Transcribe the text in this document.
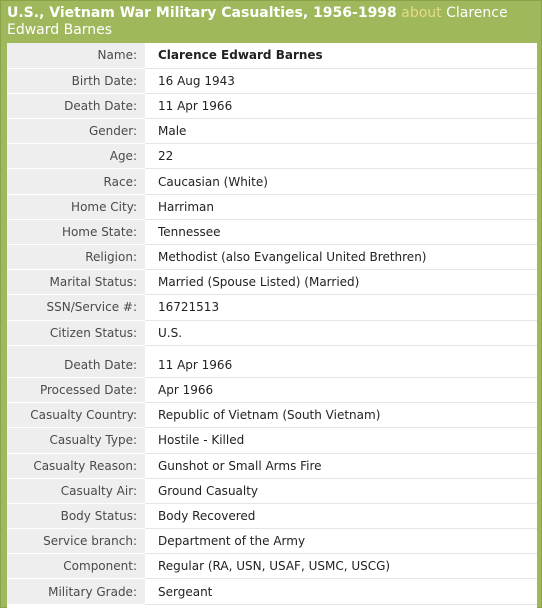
U.S., Vietnam War Military Casualties, 1956-1998 about Clarence Edward Barnes
Name:	Clarence Edward Barnes
Birth Date:	16 Aug 1943
Death Date:	11 Apr 1966
Gender:	Male
Age:	22
Race:	Caucasian (White)
Home City:	Harriman
Home State:	Tennessee
Religion:	Methodist (also Evangelical United Brethren)
Marital Status:	Married (Spouse Listed) (Married)
SSN/Service #:	16721513
Citizen Status:	U.S.

Death Date:	11 Apr 1966
Processed Date:	Apr 1966
Casualty Country:	Republic of Vietnam (South Vietnam)
Casualty Type:	Hostile - Killed
Casualty Reason:	Gunshot or Small Arms Fire
Casualty Air:	Ground Casualty
Body Status:	Body Recovered
Service branch:	Department of the Army
Component:	Regular (RA, USN, USAF, USMC, USCG)
Military Grade:	Sergeant
